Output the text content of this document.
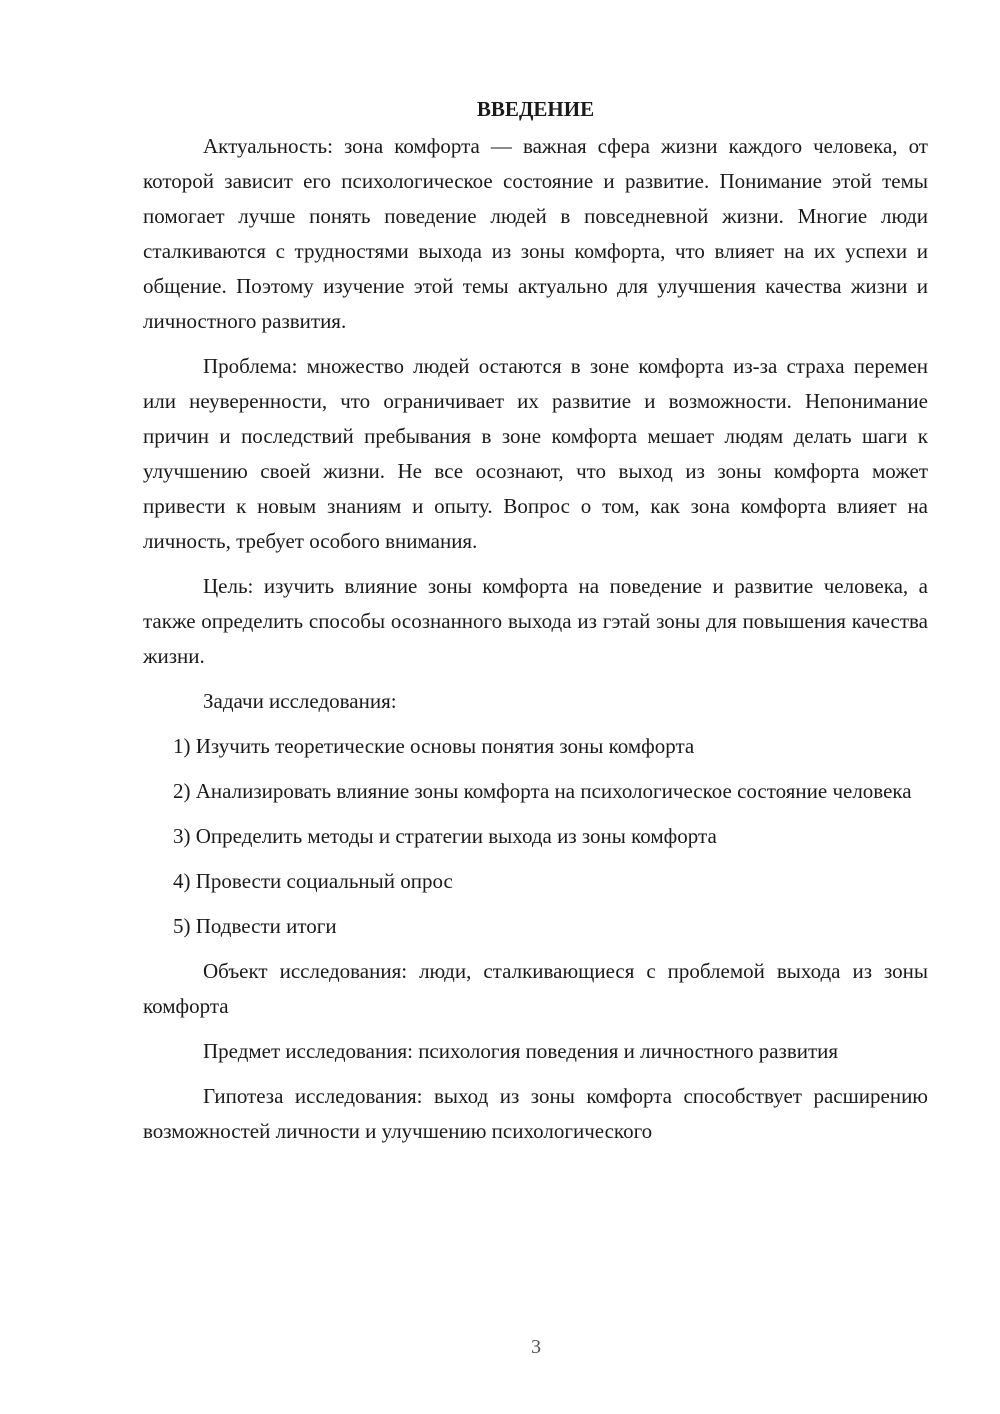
ВВЕДЕНИЕ

Актуальность: зона комфорта — важная сфера жизни каждого человека, от которой зависит его психологическое состояние и развитие. Понимание этой темы помогает лучше понять поведение людей в повседневной жизни. Многие люди сталкиваются с трудностями выхода из зоны комфорта, что влияет на их успехи и общение. Поэтому изучение этой темы актуально для улучшения качества жизни и личностного развития.

Проблема: множество людей остаются в зоне комфорта из-за страха перемен или неуверенности, что ограничивает их развитие и возможности. Непонимание причин и последствий пребывания в зоне комфорта мешает людям делать шаги к улучшению своей жизни. Не все осознают, что выход из зоны комфорта может привести к новым знаниям и опыту. Вопрос о том, как зона комфорта влияет на личность, требует особого внимания.

Цель: изучить влияние зоны комфорта на поведение и развитие человека, а также определить способы осознанного выхода из гэтай зоны для повышения качества жизни.

Задачи исследования:

1) Изучить теоретические основы понятия зоны комфорта

2) Анализировать влияние зоны комфорта на психологическое состояние человека

3) Определить методы и стратегии выхода из зоны комфорта

4) Провести социальный опрос

5) Подвести итоги

Объект исследования: люди, сталкивающиеся с проблемой выхода из зоны комфорта

Предмет исследования: психология поведения и личностного развития

Гипотеза исследования: выход из зоны комфорта способствует расширению возможностей личности и улучшению психологического

3
